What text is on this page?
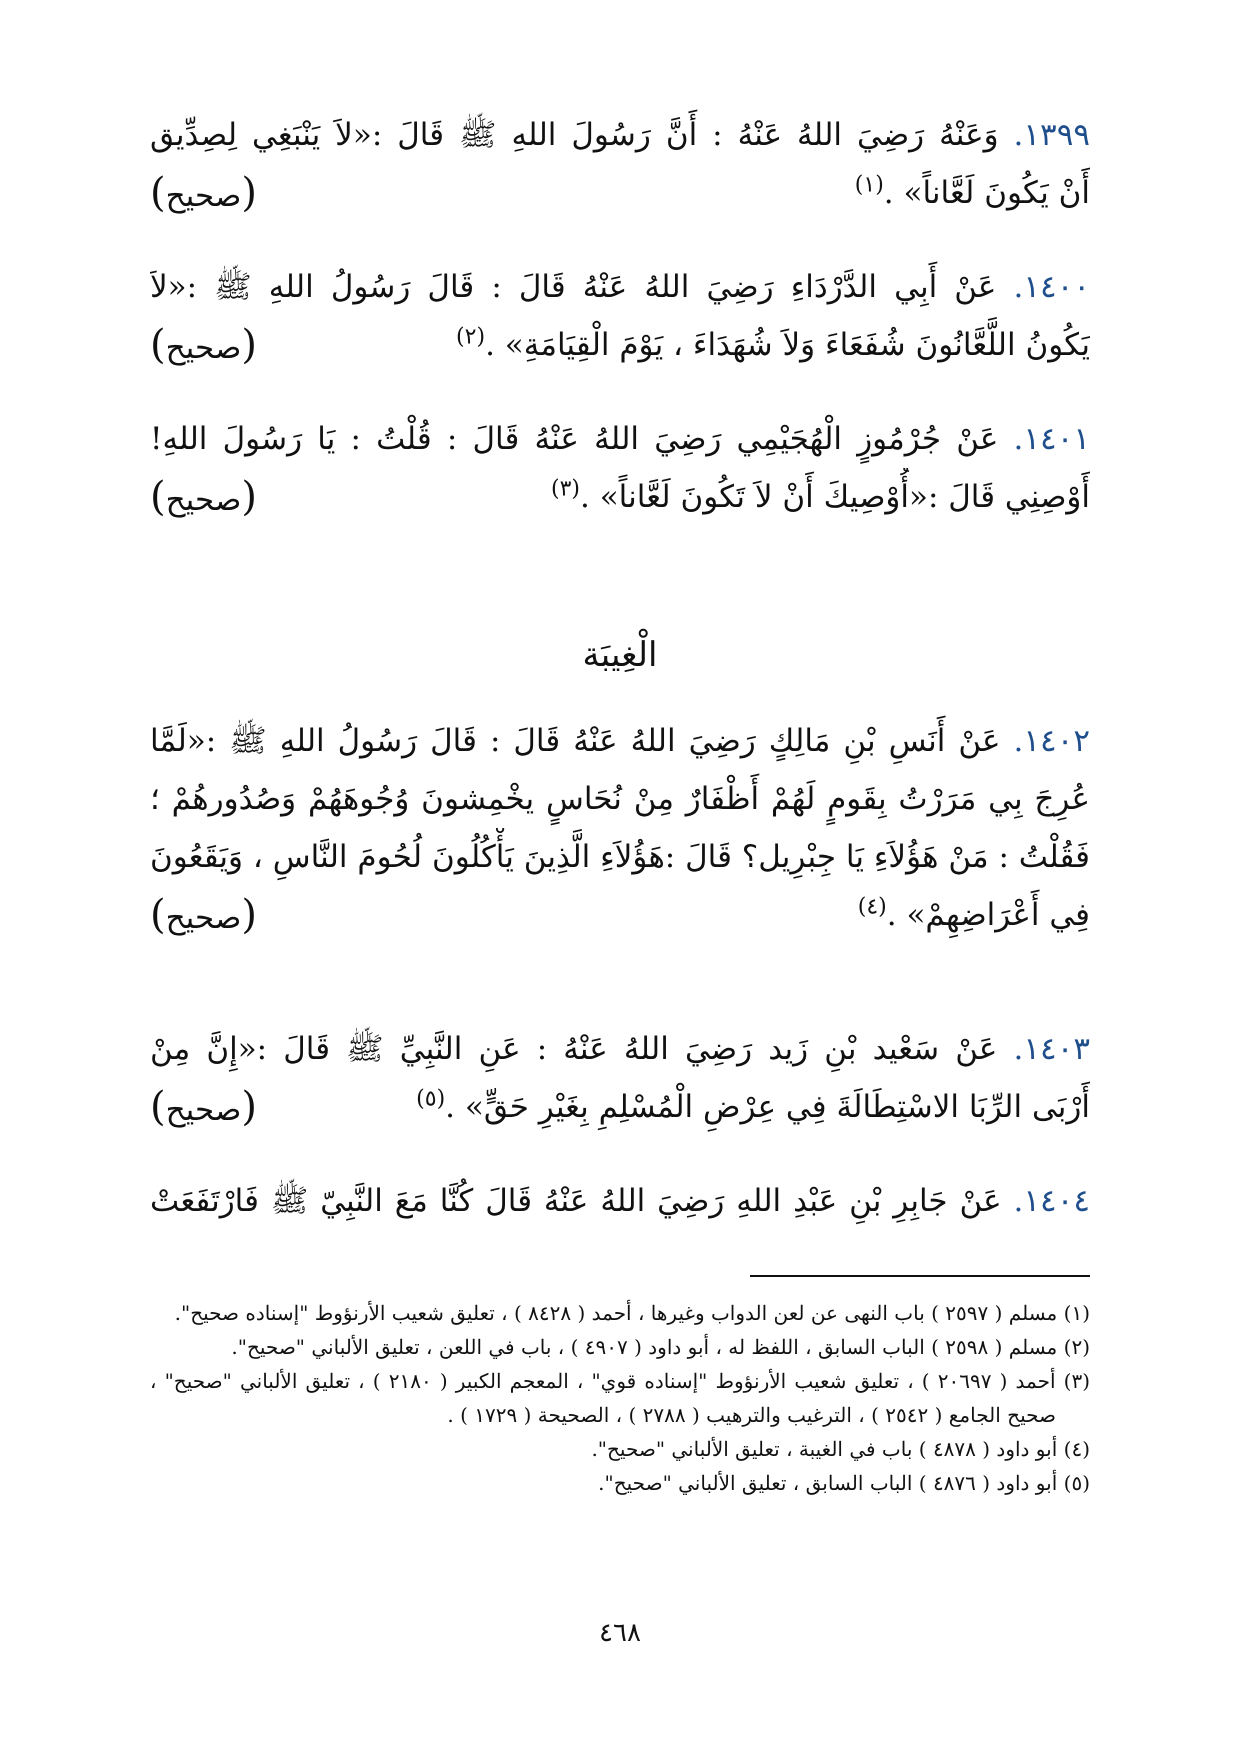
١٣٩٩. وَعَنْهُ رَضِيَ اللهُ عَنْهُ : أَنَّ رَسُولَ اللهِ ﷺ قَالَ :«لاَ يَنْبَغِي لِصِدِّيق
أَنْ يَكُونَ لَعَّاناً» .$^{(١)}$
(صحيح)
١٤٠٠. عَنْ أَبِي الدَّرْدَاءِ رَضِيَ اللهُ عَنْهُ قَالَ : قَالَ رَسُولُ اللهِ ﷺ :«لاَ
يَكُونُ اللَّعَّانُونَ شُفَعَاءَ وَلاَ شُهَدَاءَ ، يَوْمَ الْقِيَامَةِ» .$^{(٢)}$
(صحيح)
١٤٠١. عَنْ جُرْمُوزٍ الْهُجَيْمِي رَضِيَ اللهُ عَنْهُ قَالَ : قُلْتُ : يَا رَسُولَ اللهِ!
أَوْصِنِي قَالَ :«أُوْصِيكَ أَنْ لاَ تَكُونَ لَعَّاناً» .$^{(٣)}$
(صحيح)
الْغِيبَة
١٤٠٢. عَنْ أَنَسِ بْنِ مَالِكٍ رَضِيَ اللهُ عَنْهُ قَالَ : قَالَ رَسُولُ اللهِ ﷺ :«لَمَّا
عُرِجَ بِي مَرَرْتُ بِقَومٍ لَهُمْ أَظْفَارٌ مِنْ نُحَاسٍ يخْمِشونَ وُجُوهَهُمْ وَصُدُورهُمْ ؛
فَقُلْتُ : مَنْ هَؤُلاَءِ يَا جِبْرِيل؟ قَالَ :هَؤُلاَءِ الَّذِينَ يَأْكُلُونَ لُحُومَ النَّاسِ ، وَيَقَعُونَ
فِي أَعْرَاضِهِمْ» .$^{(٤)}$
(صحيح)
١٤٠٣. عَنْ سَعْيد بْنِ زَيد رَضِيَ اللهُ عَنْهُ : عَنِ النَّبِيِّ ﷺ قَالَ :«إِنَّ مِنْ
أَرْبَى الرِّبَا الاسْتِطَالَةَ فِي عِرْضِ الْمُسْلِمِ بِغَيْرِ حَقٍّ» .$^{(٥)}$
(صحيح)
١٤٠٤. عَنْ جَابِرِ بْنِ عَبْدِ اللهِ رَضِيَ اللهُ عَنْهُ قَالَ كُنَّا مَعَ النَّبِيّ ﷺ فَارْتَفَعَتْ
(١) مسلم ( ٢٥٩٧ ) باب النهى عن لعن الدواب وغيرها ، أحمد ( ٨٤٢٨ ) ، تعليق شعيب الأرنؤوط "إسناده صحيح".
(٢) مسلم ( ٢٥٩٨ ) الباب السابق ، اللفظ له ، أبو داود ( ٤٩٠٧ ) ، باب في اللعن ، تعليق الألباني "صحيح".
(٣) أحمد ( ٢٠٦٩٧ ) ، تعليق شعيب الأرنؤوط "إسناده قوي" ، المعجم الكبير ( ٢١٨٠ ) ، تعليق الألباني "صحيح" ،
صحيح الجامع ( ٢٥٤٢ ) ، الترغيب والترهيب ( ٢٧٨٨ ) ، الصحيحة ( ١٧٢٩ ) .
(٤) أبو داود ( ٤٨٧٨ ) باب في الغيبة ، تعليق الألباني "صحيح".
(٥) أبو داود ( ٤٨٧٦ ) الباب السابق ، تعليق الألباني "صحيح".
٤٦٨
